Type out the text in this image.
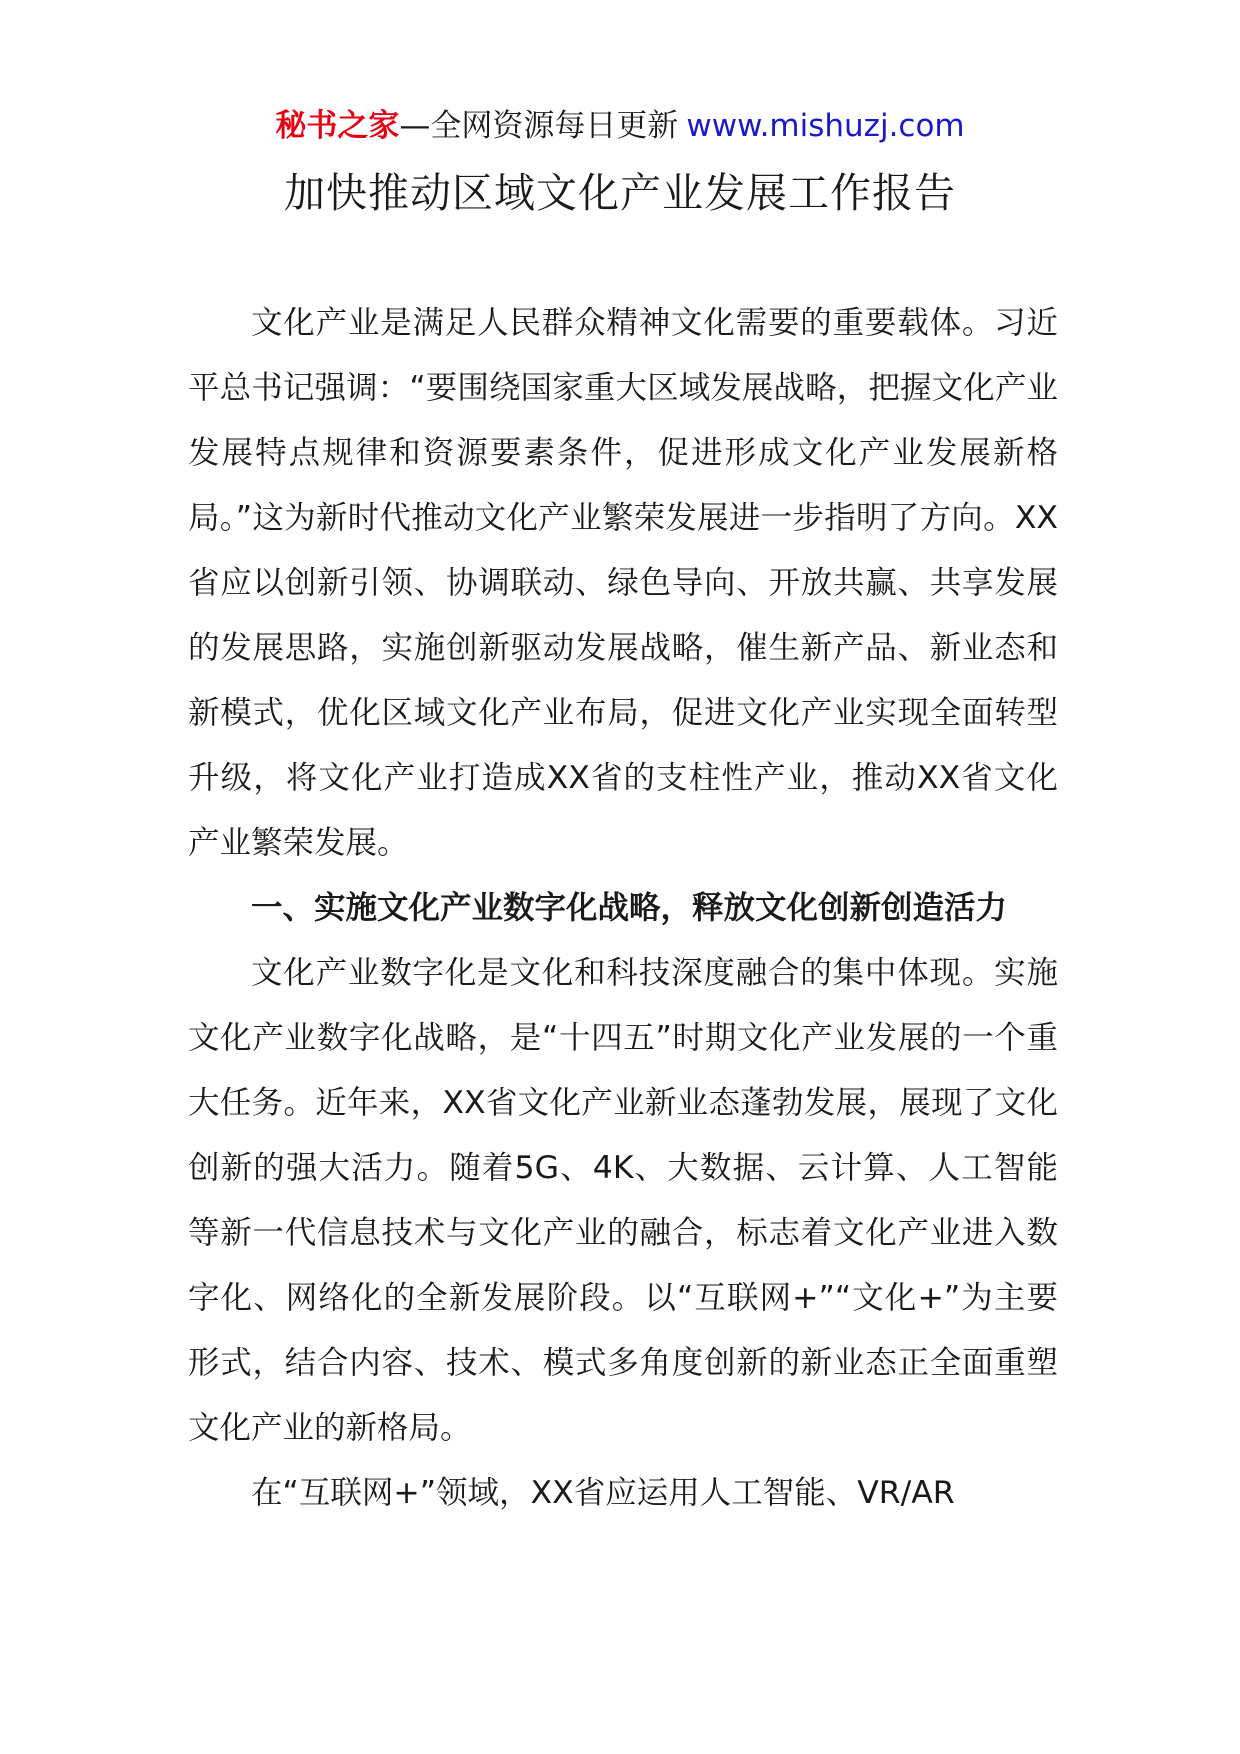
秘书之家—全网资源每日更新 www.mishuzj.com
加快推动区域文化产业发展工作报告

文化产业是满足人民群众精神文化需要的重要载体。习近平总书记强调：“要围绕国家重大区域发展战略，把握文化产业发展特点规律和资源要素条件，促进形成文化产业发展新格局。”这为新时代推动文化产业繁荣发展进一步指明了方向。XX省应以创新引领、协调联动、绿色导向、开放共赢、共享发展的发展思路，实施创新驱动发展战略，催生新产品、新业态和新模式，优化区域文化产业布局，促进文化产业实现全面转型升级，将文化产业打造成XX省的支柱性产业，推动XX省文化产业繁荣发展。

一、实施文化产业数字化战略，释放文化创新创造活力

文化产业数字化是文化和科技深度融合的集中体现。实施文化产业数字化战略，是“十四五”时期文化产业发展的一个重大任务。近年来，XX省文化产业新业态蓬勃发展，展现了文化创新的强大活力。随着5G、4K、大数据、云计算、人工智能等新一代信息技术与文化产业的融合，标志着文化产业进入数字化、网络化的全新发展阶段。以“互联网+”“文化+”为主要形式，结合内容、技术、模式多角度创新的新业态正全面重塑文化产业的新格局。

在“互联网+”领域，XX省应运用人工智能、VR/AR
